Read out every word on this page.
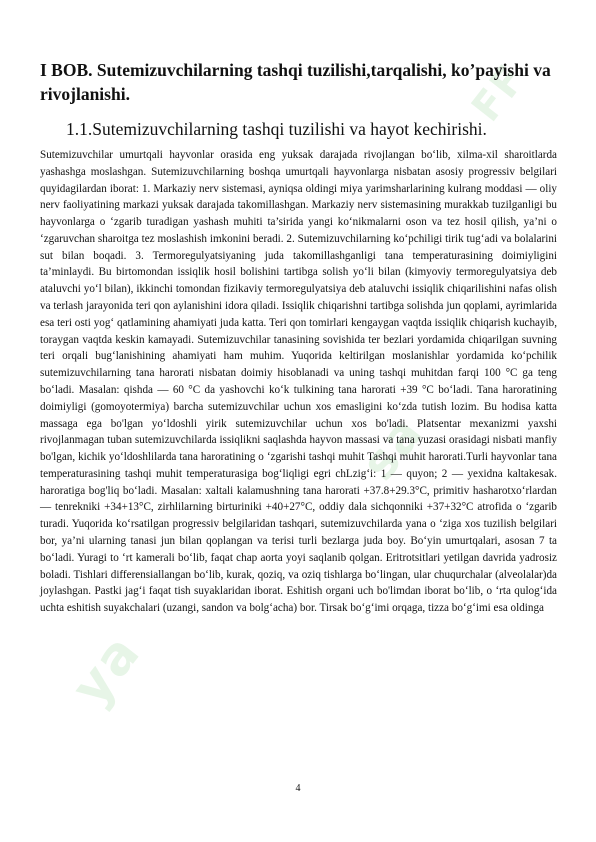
FF
sa
ya
I BOB. Sutemizuvchilarning tashqi tuzilishi,tarqalishi, ko’payishi va rivojlanishi.
1.1.Sutemizuvchilarning tashqi tuzilishi va hayot kechirishi.

Sutemizuvchilar umurtqali hayvonlar orasida eng yuksak darajada rivojlangan bo‘lib, xilma-xil sharoitlarda yashashga moslashgan. Sutemizuvchilarning boshqa umurtqali hayvonlarga nisbatan asosiy progressiv belgilari quyidagilardan iborat: 1. Markaziy nerv sistemasi, ayniqsa oldingi miya yarimsharlarining kulrang moddasi — oliy nerv faoliyatining markazi yuksak darajada takomillashgan. Markaziy nerv sistemasining murakkab tuzilganligi bu hayvonlarga o ‘zgarib turadigan yashash muhiti ta’sirida yangi ko‘nikmalarni oson va tez hosil qilish, ya’ni o ‘zgaruvchan sharoitga tez moslashish imkonini beradi. 2. Sutemizuvchilarning ko‘pchiligi tirik tug‘adi va bolalarini sut bilan boqadi. 3. Termoregulyatsiyaning juda takomillashganligi tana temperaturasining doimiyligini ta’minlaydi. Bu birtomondan issiqlik hosil bolishini tartibga solish yo‘li bilan (kimyoviy termoregulyatsiya deb ataluvchi yo‘l bilan), ikkinchi tomondan fizikaviy termoregulyatsiya deb ataluvchi issiqlik chiqarilishini nafas olish va terlash jarayonida teri qon aylanishini idora qiladi. Issiqlik chiqarishni tartibga solishda jun qoplami, ayrimlarida esa teri osti yog‘ qatlamining ahamiyati juda katta. Teri qon tomirlari kengaygan vaqtda issiqlik chiqarish kuchayib, toraygan vaqtda keskin kamayadi. Sutemizuvchilar tanasining sovishida ter bezlari yordamida chiqarilgan suvning teri orqali bug‘lanishining ahamiyati ham muhim. Yuqorida keltirilgan moslanishlar yordamida ko‘pchilik sutemizuvchilarning tana harorati nisbatan doimiy hisoblanadi va uning tashqi muhitdan farqi 100 °C ga teng bo‘ladi. Masalan: qishda — 60 °C da yashovchi ko‘k tulkining tana harorati +39 °C bo‘ladi. Tana haroratining doimiyligi (gomoyotermiya) barcha sutemizuvchilar uchun xos emasligini ko‘zda tutish lozim. Bu hodisa katta massaga ega bo'lgan yo‘ldoshli yirik sutemizuvchilar uchun xos bo'ladi. Platsentar mexanizmi yaxshi rivojlanmagan tuban sutemizuvchilarda issiqlikni saqlashda hayvon massasi va tana yuzasi orasidagi nisbati manfiy bo'lgan, kichik yo‘ldoshlilarda tana haroratining o ‘zgarishi tashqi muhit Tashqi muhit harorati.Turli hayvonlar tana temperaturasining tashqi muhit temperaturasiga bog‘liqligi egri chLzig‘i: 1 — quyon; 2 — yexidna kaltakesak. haroratiga bog'liq bo‘ladi. Masalan: xaltali kalamushning tana harorati +37.8+29.3°C, primitiv hasharotxo‘rlardan — tenrekniki +34+13°C, zirhlilarning birturiniki +40+27°C, oddiy dala sichqonniki +37+32°C atrofida o ‘zgarib turadi. Yuqorida ko‘rsatilgan progressiv belgilaridan tashqari, sutemizuvchilarda yana o ‘ziga xos tuzilish belgilari bor, ya’ni ularning tanasi jun bilan qoplangan va terisi turli bezlarga juda boy. Bo‘yin umurtqalari, asosan 7 ta bo‘ladi. Yuragi to ‘rt kamerali bo‘lib, faqat chap aorta yoyi saqlanib qolgan. Eritrotsitlari yetilgan davrida yadrosiz boladi. Tishlari differensiallangan bo‘lib, kurak, qoziq, va oziq tishlarga bo‘lingan, ular chuqurchalar (alveolalar)da joylashgan. Pastki jag‘i faqat tish suyaklaridan iborat. Eshitish organi uch bo'limdan iborat bo‘lib, o ‘rta qulog‘ida uchta eshitish suyakchalari (uzangi, sandon va bolg‘acha) bor. Tirsak bo‘g‘imi orqaga, tizza bo‘g‘imi esa oldinga

4
